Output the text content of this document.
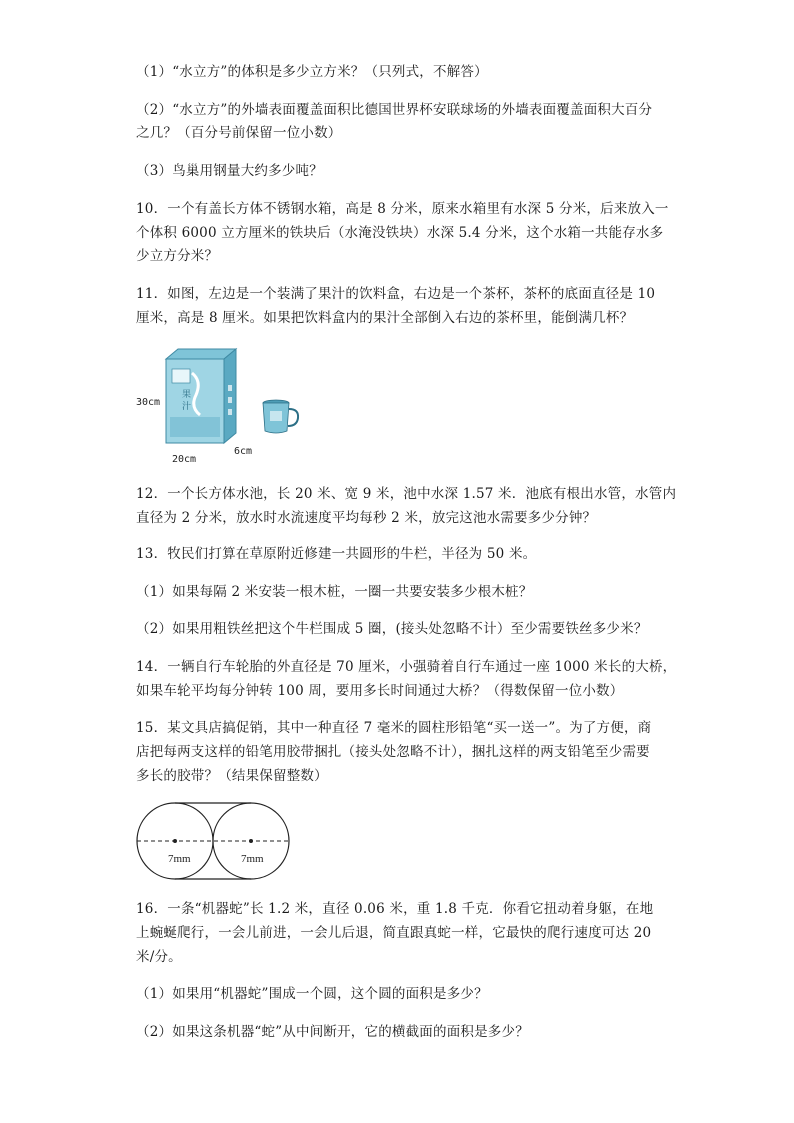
（1）“水立方”的体积是多少立方米？（只列式，不解答）
（2）“水立方”的外墙表面覆盖面积比德国世界杯安联球场的外墙表面覆盖面积大百分
之几？（百分号前保留一位小数）
（3）鸟巢用钢量大约多少吨？
10．一个有盖长方体不锈钢水箱，高是 8 分米，原来水箱里有水深 5 分米，后来放入一
个体积 6000 立方厘米的铁块后（水淹没铁块）水深 5.4 分米，这个水箱一共能存水多
少立方分米？
11．如图，左边是一个装满了果汁的饮料盒，右边是一个茶杯，茶杯的底面直径是 10
厘米，高是 8 厘米。如果把饮料盒内的果汁全部倒入右边的茶杯里，能倒满几杯？
果
汁
30cm
20cm
6cm
12．一个长方体水池，长 20 米、宽 9 米，池中水深 1.57 米．池底有根出水管，水管内
直径为 2 分米，放水时水流速度平均每秒 2 米，放完这池水需要多少分钟？
13．牧民们打算在草原附近修建一共圆形的牛栏，半径为 50 米。
（1）如果每隔 2 米安装一根木桩，一圈一共要安装多少根木桩？
（2）如果用粗铁丝把这个牛栏围成 5 圈，(接头处忽略不计）至少需要铁丝多少米？
14．一辆自行车轮胎的外直径是 70 厘米，小强骑着自行车通过一座 1000 米长的大桥，
如果车轮平均每分钟转 100 周，要用多长时间通过大桥？（得数保留一位小数）
15．某文具店搞促销，其中一种直径 7 毫米的圆柱形铅笔“买一送一”。为了方便，商
店把每两支这样的铅笔用胶带捆扎（接头处忽略不计），捆扎这样的两支铅笔至少需要
多长的胶带？（结果保留整数）
7mm	7mm
16．一条“机器蛇”长 1.2 米，直径 0.06 米，重 1.8 千克．你看它扭动着身躯，在地
上蜿蜒爬行，一会儿前进，一会儿后退，简直跟真蛇一样，它最快的爬行速度可达 20
米/分。
（1）如果用“机器蛇”围成一个圆，这个圆的面积是多少？
（2）如果这条机器“蛇”从中间断开，它的横截面的面积是多少？
